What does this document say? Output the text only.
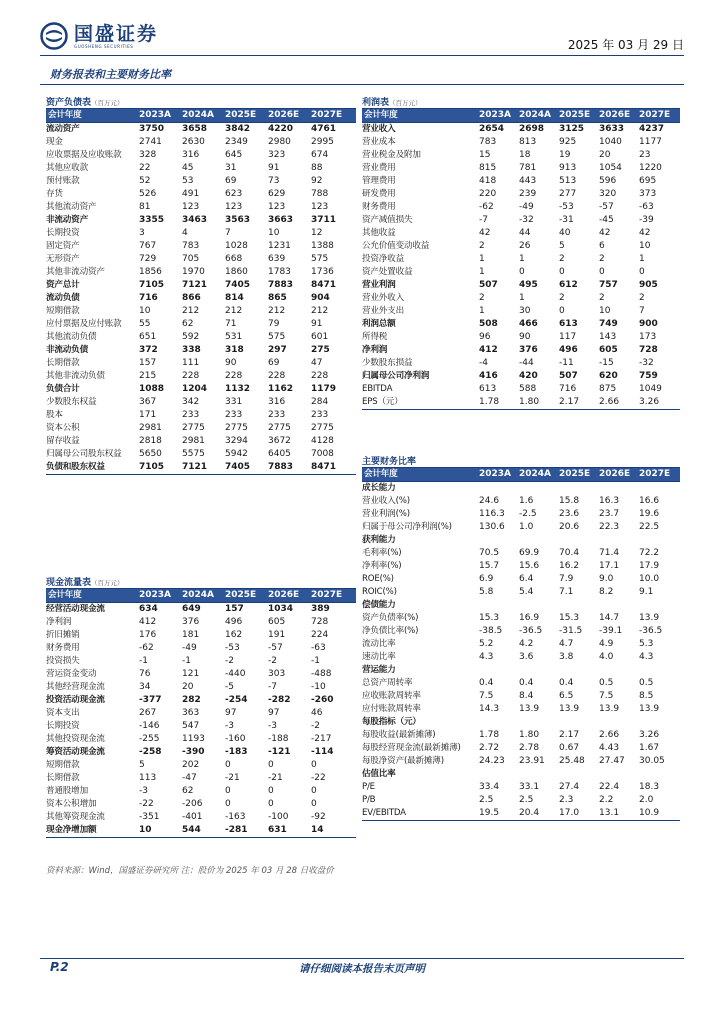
国盛证券
GUOSHENG SECURITIES	2025 年 03 月 29 日
财务报表和主要财务比率
资产负债表（百万元）	利润表（百万元）
主要财务比率
现金流量表（百万元）
会计年度	2023A	2024A	2025E	2026E	2027E
流动资产	3750	3658	3842	4220	4761
现金	2741	2630	2349	2980	2995
应收票据及应收账款	328	316	645	323	674
其他应收款	22	45	31	91	88
预付账款	52	53	69	73	92
存货	526	491	623	629	788
其他流动资产	81	123	123	123	123
非流动资产	3355	3463	3563	3663	3711
长期投资	3	4	7	10	12
固定资产	767	783	1028	1231	1388
无形资产	729	705	668	639	575
其他非流动资产	1856	1970	1860	1783	1736
资产总计	7105	7121	7405	7883	8471
流动负债	716	866	814	865	904
短期借款	10	212	212	212	212
应付票据及应付账款	55	62	71	79	91
其他流动负债	651	592	531	575	601
非流动负债	372	338	318	297	275
长期借款	157	111	90	69	47
其他非流动负债	215	228	228	228	228
负债合计	1088	1204	1132	1162	1179
少数股东权益	367	342	331	316	284
股本	171	233	233	233	233
资本公积	2981	2775	2775	2775	2775
留存收益	2818	2981	3294	3672	4128
归属母公司股东权益	5650	5575	5942	6405	7008
负债和股东权益	7105	7121	7405	7883	8471
会计年度	2023A	2024A	2025E	2026E	2027E
营业收入	2654	2698	3125	3633	4237
营业成本	783	813	925	1040	1177
营业税金及附加	15	18	19	20	23
营业费用	815	781	913	1054	1220
管理费用	418	443	513	596	695
研发费用	220	239	277	320	373
财务费用	-62	-49	-53	-57	-63
资产减值损失	-7	-32	-31	-45	-39
其他收益	42	44	40	42	42
公允价值变动收益	2	26	5	6	10
投资净收益	1	1	2	2	1
资产处置收益	1	0	0	0	0
营业利润	507	495	612	757	905
营业外收入	2	1	2	2	2
营业外支出	1	30	0	10	7
利润总额	508	466	613	749	900
所得税	96	90	117	143	173
净利润	412	376	496	605	728
少数股东损益	-4	-44	-11	-15	-32
归属母公司净利润	416	420	507	620	759
EBITDA	613	588	716	875	1049
EPS（元）	1.78	1.80	2.17	2.66	3.26
会计年度	2023A	2024A	2025E	2026E	2027E
成长能力					
营业收入(%)	24.6	1.6	15.8	16.3	16.6
营业利润(%)	116.3	-2.5	23.6	23.7	19.6
归属于母公司净利润(%)	130.6	1.0	20.6	22.3	22.5
获利能力					
毛利率(%)	70.5	69.9	70.4	71.4	72.2
净利率(%)	15.7	15.6	16.2	17.1	17.9
ROE(%)	6.9	6.4	7.9	9.0	10.0
ROIC(%)	5.8	5.4	7.1	8.2	9.1
偿债能力					
资产负债率(%)	15.3	16.9	15.3	14.7	13.9
净负债比率(%)	-38.5	-36.5	-31.5	-39.1	-36.5
流动比率	5.2	4.2	4.7	4.9	5.3
速动比率	4.3	3.6	3.8	4.0	4.3
营运能力					
总资产周转率	0.4	0.4	0.4	0.5	0.5
应收账款周转率	7.5	8.4	6.5	7.5	8.5
应付账款周转率	14.3	13.9	13.9	13.9	13.9
每股指标（元）					
每股收益(最新摊薄)	1.78	1.80	2.17	2.66	3.26
每股经营现金流(最新摊薄)	2.72	2.78	0.67	4.43	1.67
每股净资产(最新摊薄)	24.23	23.91	25.48	27.47	30.05
估值比率					
P/E	33.4	33.1	27.4	22.4	18.3
P/B	2.5	2.5	2.3	2.2	2.0
EV/EBITDA	19.5	20.4	17.0	13.1	10.9
会计年度	2023A	2024A	2025E	2026E	2027E
经营活动现金流	634	649	157	1034	389
净利润	412	376	496	605	728
折旧摊销	176	181	162	191	224
财务费用	-62	-49	-53	-57	-63
投资损失	-1	-1	-2	-2	-1
营运资金变动	76	121	-440	303	-488
其他经营现金流	34	20	-5	-7	-10
投资活动现金流	-377	282	-254	-282	-260
资本支出	267	363	97	97	46
长期投资	-146	547	-3	-3	-2
其他投资现金流	-255	1193	-160	-188	-217
筹资活动现金流	-258	-390	-183	-121	-114
短期借款	5	202	0	0	0
长期借款	113	-47	-21	-21	-22
普通股增加	-3	62	0	0	0
资本公积增加	-22	-206	0	0	0
其他筹资现金流	-351	-401	-163	-100	-92
现金净增加额	10	544	-281	631	14
资料来源：Wind，国盛证券研究所 注：股价为 2025 年 03 月 28 日收盘价
P.2	请仔细阅读本报告末页声明
